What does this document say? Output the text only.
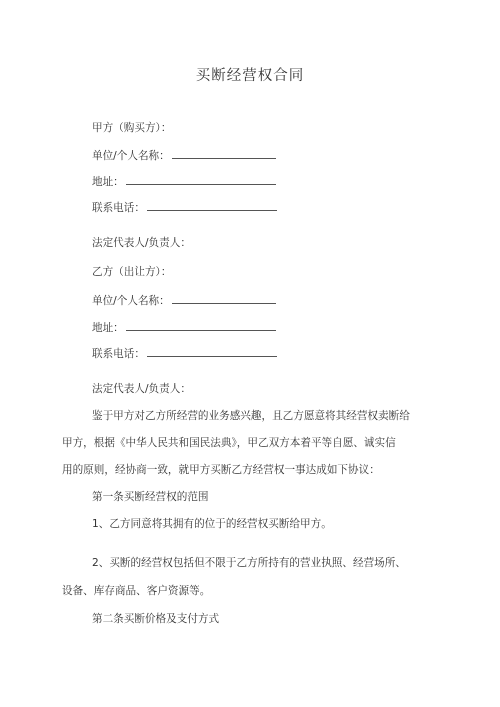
买断经营权合同
甲方（购买方）：
单位/个人名称：
地址：
联系电话：
法定代表人/负责人：
乙方（出让方）：
单位/个人名称：
地址：
联系电话：
法定代表人/负责人：
鉴于甲方对乙方所经营的业务感兴趣，且乙方愿意将其经营权卖断给
甲方，根据《中华人民共和国民法典》，甲乙双方本着平等自愿、诚实信
用的原则，经协商一致，就甲方买断乙方经营权一事达成如下协议：
第一条买断经营权的范围
1、乙方同意将其拥有的位于的经营权买断给甲方。
2、买断的经营权包括但不限于乙方所持有的营业执照、经营场所、
设备、库存商品、客户资源等。
第二条买断价格及支付方式
